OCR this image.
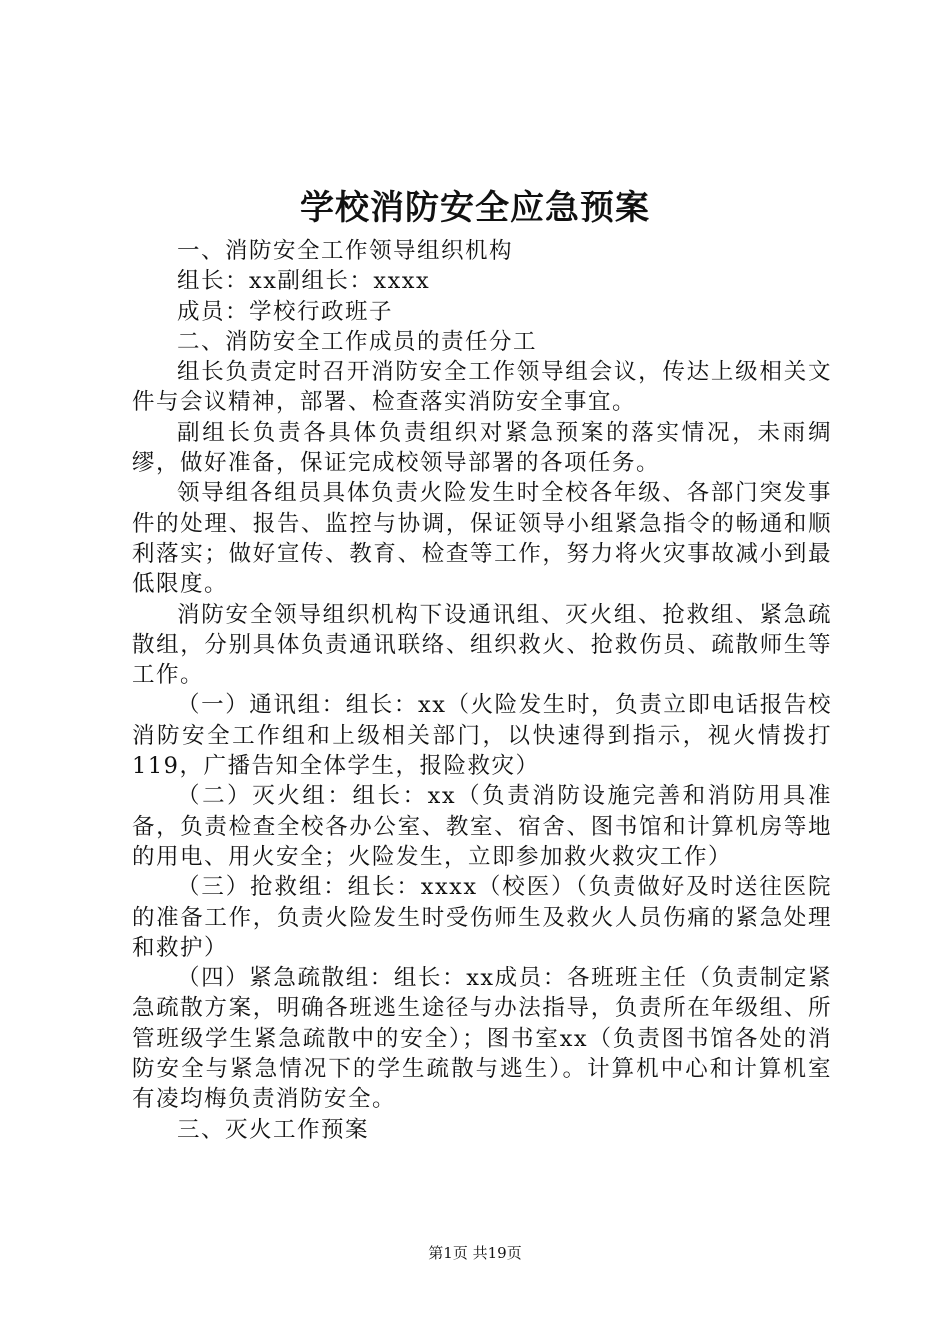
学校消防安全应急预案

一、消防安全工作领导组织机构

组长：xx副组长：xxxx

成员：学校行政班子

二、消防安全工作成员的责任分工

组长负责定时召开消防安全工作领导组会议，传达上级相关文件与会议精神，部署、检查落实消防安全事宜。

副组长负责各具体负责组织对紧急预案的落实情况，未雨绸缪，做好准备，保证完成校领导部署的各项任务。

领导组各组员具体负责火险发生时全校各年级、各部门突发事件的处理、报告、监控与协调，保证领导小组紧急指令的畅通和顺利落实；做好宣传、教育、检查等工作，努力将火灾事故减小到最低限度。

消防安全领导组织机构下设通讯组、灭火组、抢救组、紧急疏散组，分别具体负责通讯联络、组织救火、抢救伤员、疏散师生等工作。

（一）通讯组：组长：xx（火险发生时，负责立即电话报告校消防安全工作组和上级相关部门，以快速得到指示，视火情拨打119，广播告知全体学生，报险救灾）

（二）灭火组：组长：xx（负责消防设施完善和消防用具准备，负责检查全校各办公室、教室、宿舍、图书馆和计算机房等地的用电、用火安全；火险发生，立即参加救火救灾工作）

（三）抢救组：组长：xxxx（校医）（负责做好及时送往医院的准备工作，负责火险发生时受伤师生及救火人员伤痛的紧急处理和救护）

（四）紧急疏散组：组长：xx成员：各班班主任（负责制定紧急疏散方案，明确各班逃生途径与办法指导，负责所在年级组、所管班级学生紧急疏散中的安全）；图书室xx（负责图书馆各处的消防安全与紧急情况下的学生疏散与逃生）。计算机中心和计算机室有凌均梅负责消防安全。

三、灭火工作预案

第1页 共19页
